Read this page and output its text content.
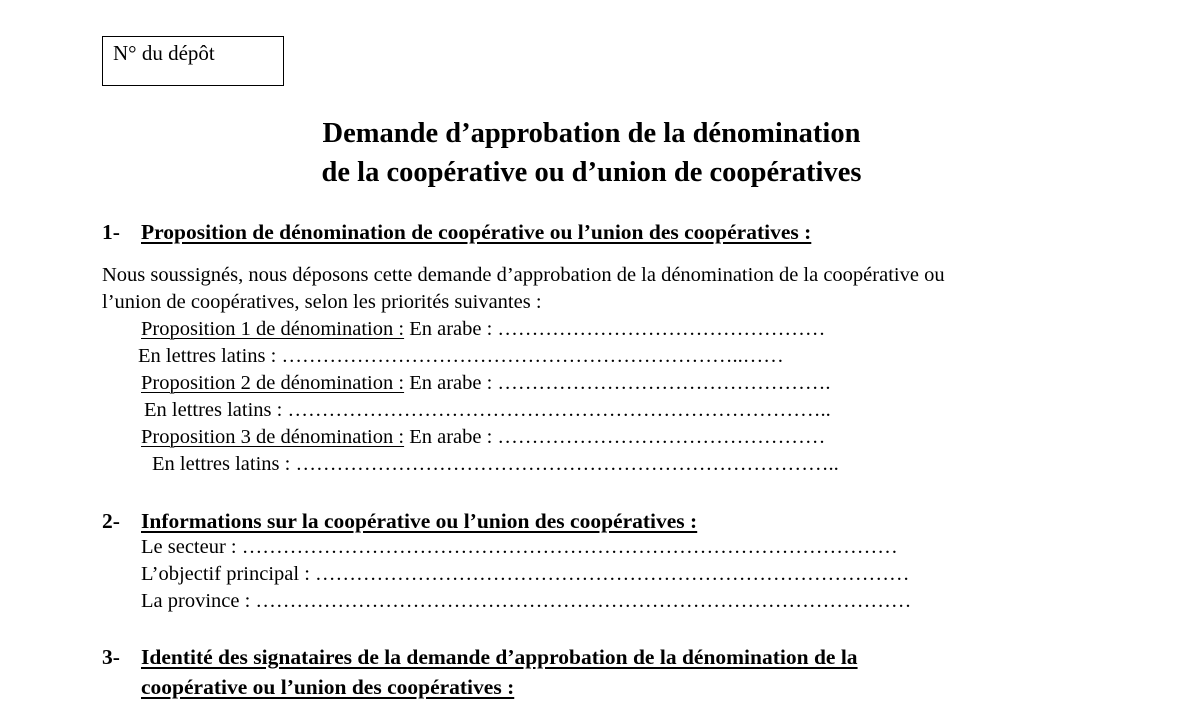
N° du dépôt
Demande d’approbation de la dénomination
de la coopérative ou d’union de coopératives
1- Proposition de dénomination de coopérative ou l’union des coopératives :
Nous soussignés, nous déposons cette demande d’approbation de la dénomination de la coopérative ou
l’union de coopératives, selon les priorités suivantes :
Proposition 1 de dénomination : En arabe : …………………………………………
En lettres latins : …………………………………………………………..……
Proposition 2 de dénomination : En arabe : ………………………………………….
En lettres latins : ……………………………………………………………………..
Proposition 3 de dénomination : En arabe : …………………………………………
En lettres latins : ……………………………………………………………………..
2- Informations sur la coopérative ou l’union des coopératives :
Le secteur : ……………………………………………………………………………………
L’objectif principal : ……………………………………………………………………………
La province : ……………………………………………………………………………………
3- Identité des signataires de la demande d’approbation de la dénomination de la
coopérative ou l’union des coopératives :
